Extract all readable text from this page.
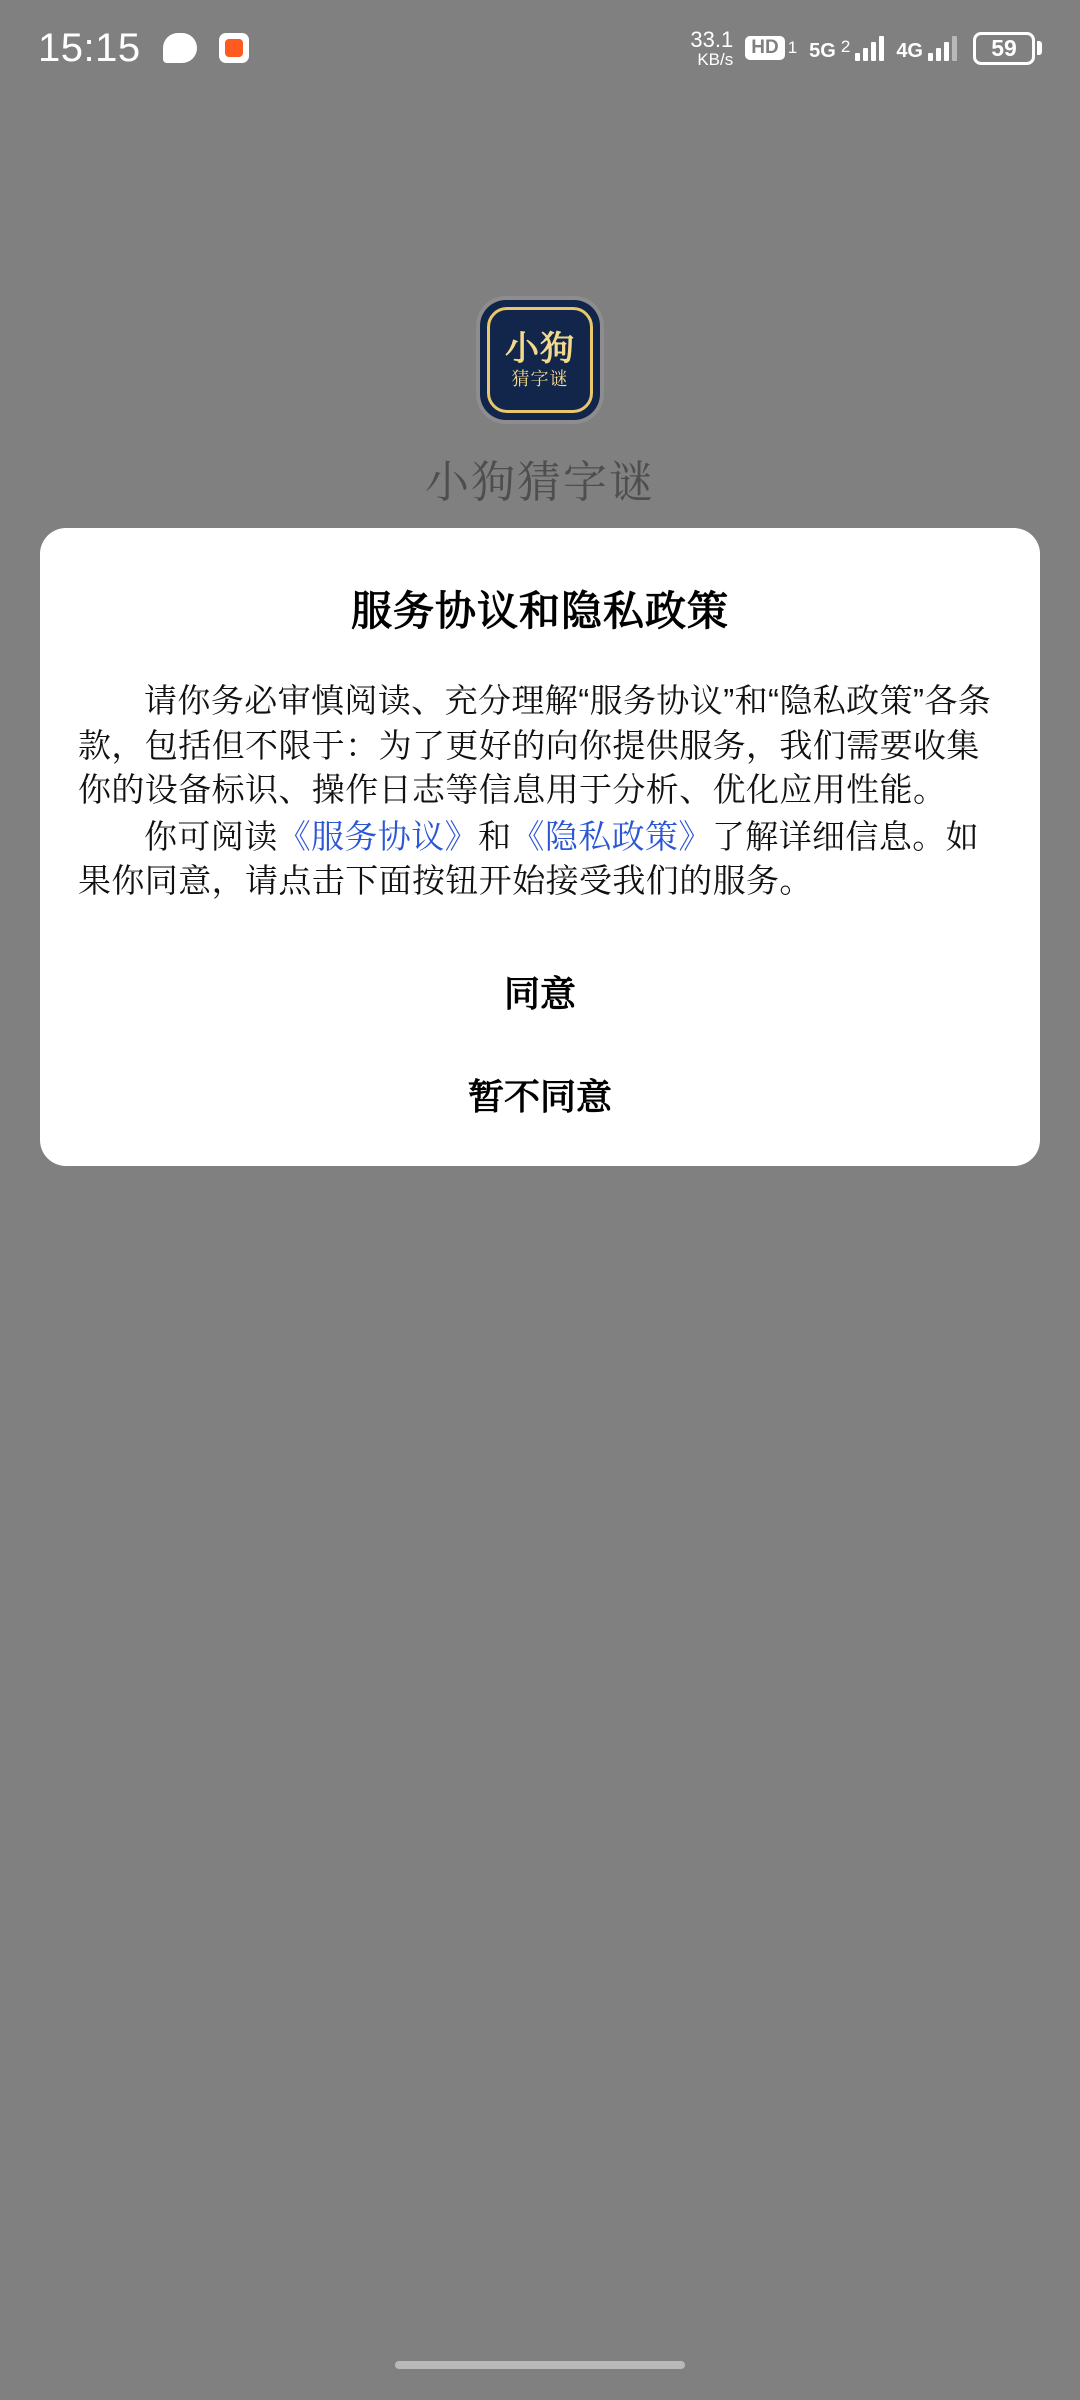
15:15	33.1
KB/s
HD 1 5G 2 4G	59
小狗
猜字谜
小狗猜字谜
服务协议和隐私政策

请你务必审慎阅读、充分理解“服务协议”和“隐私政策”各条款，包括但不限于：为了更好的向你提供服务，我们需要收集你的设备标识、操作日志等信息用于分析、优化应用性能。

你可阅读《服务协议》和《隐私政策》了解详细信息。如果你同意，请点击下面按钮开始接受我们的服务。

同意
暂不同意
